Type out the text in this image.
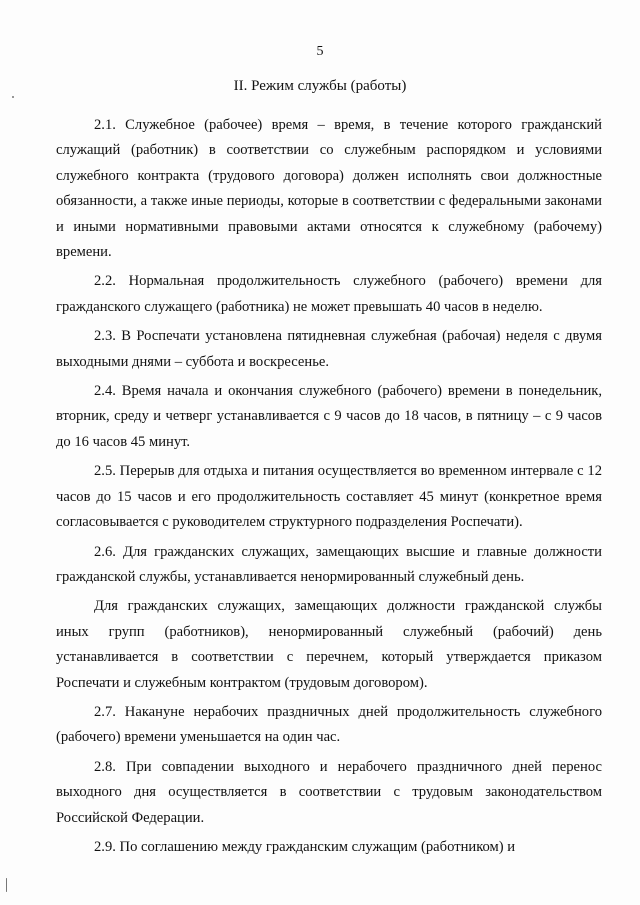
5
II. Режим службы (работы)

2.1. Служебное (рабочее) время – время, в течение которого гражданский служащий (работник) в соответствии со служебным распорядком и условиями служебного контракта (трудового договора) должен исполнять свои должностные обязанности, а также иные периоды, которые в соответствии с федеральными законами и иными нормативными правовыми актами относятся к служебному (рабочему) времени.

2.2. Нормальная продолжительность служебного (рабочего) времени для гражданского служащего (работника) не может превышать 40 часов в неделю.

2.3. В Роспечати установлена пятидневная служебная (рабочая) неделя с двумя выходными днями – суббота и воскресенье.

2.4. Время начала и окончания служебного (рабочего) времени в понедельник, вторник, среду и четверг устанавливается с 9 часов до 18 часов, в пятницу – с 9 часов до 16 часов 45 минут.

2.5. Перерыв для отдыха и питания осуществляется во временном интервале с 12 часов до 15 часов и его продолжительность составляет 45 минут (конкретное время согласовывается с руководителем структурного подразделения Роспечати).

2.6. Для гражданских служащих, замещающих высшие и главные должности гражданской службы, устанавливается ненормированный служебный день.

Для гражданских служащих, замещающих должности гражданской службы иных групп (работников), ненормированный служебный (рабочий) день устанавливается в соответствии с перечнем, который утверждается приказом Роспечати и служебным контрактом (трудовым договором).

2.7. Накануне нерабочих праздничных дней продолжительность служебного (рабочего) времени уменьшается на один час.

2.8. При совпадении выходного и нерабочего праздничного дней перенос выходного дня осуществляется в соответствии с трудовым законодательством Российской Федерации.

2.9. По соглашению между гражданским служащим (работником) и
